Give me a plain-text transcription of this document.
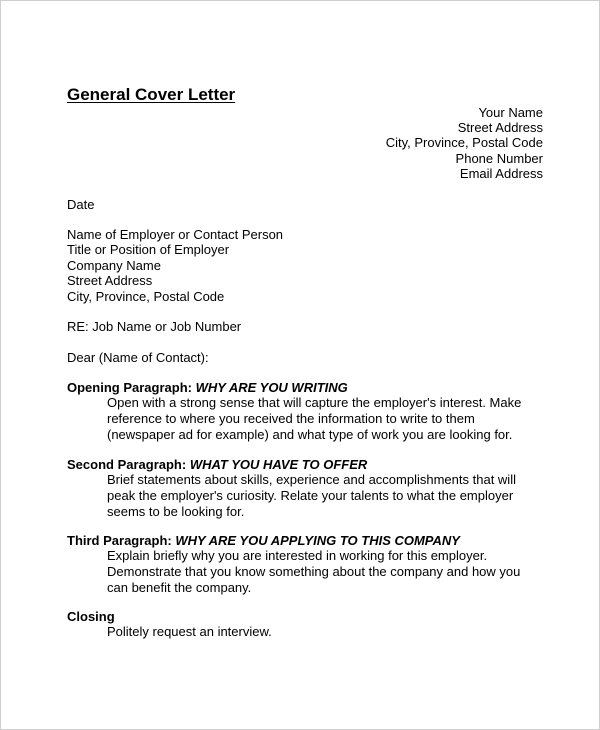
General Cover Letter
Your Name
Street Address
City, Province, Postal Code
Phone Number
Email Address
Date
Name of Employer or Contact Person
Title or Position of Employer
Company Name
Street Address
City, Province, Postal Code
RE: Job Name or Job Number
Dear (Name of Contact):
Opening Paragraph: WHY ARE YOU WRITING
Open with a strong sense that will capture the employer's interest. Make
reference to where you received the information to write to them
(newspaper ad for example) and what type of work you are looking for.
Second Paragraph: WHAT YOU HAVE TO OFFER
Brief statements about skills, experience and accomplishments that will
peak the employer's curiosity. Relate your talents to what the employer
seems to be looking for.
Third Paragraph: WHY ARE YOU APPLYING TO THIS COMPANY
Explain briefly why you are interested in working for this employer.
Demonstrate that you know something about the company and how you
can benefit the company.
Closing
Politely request an interview.
